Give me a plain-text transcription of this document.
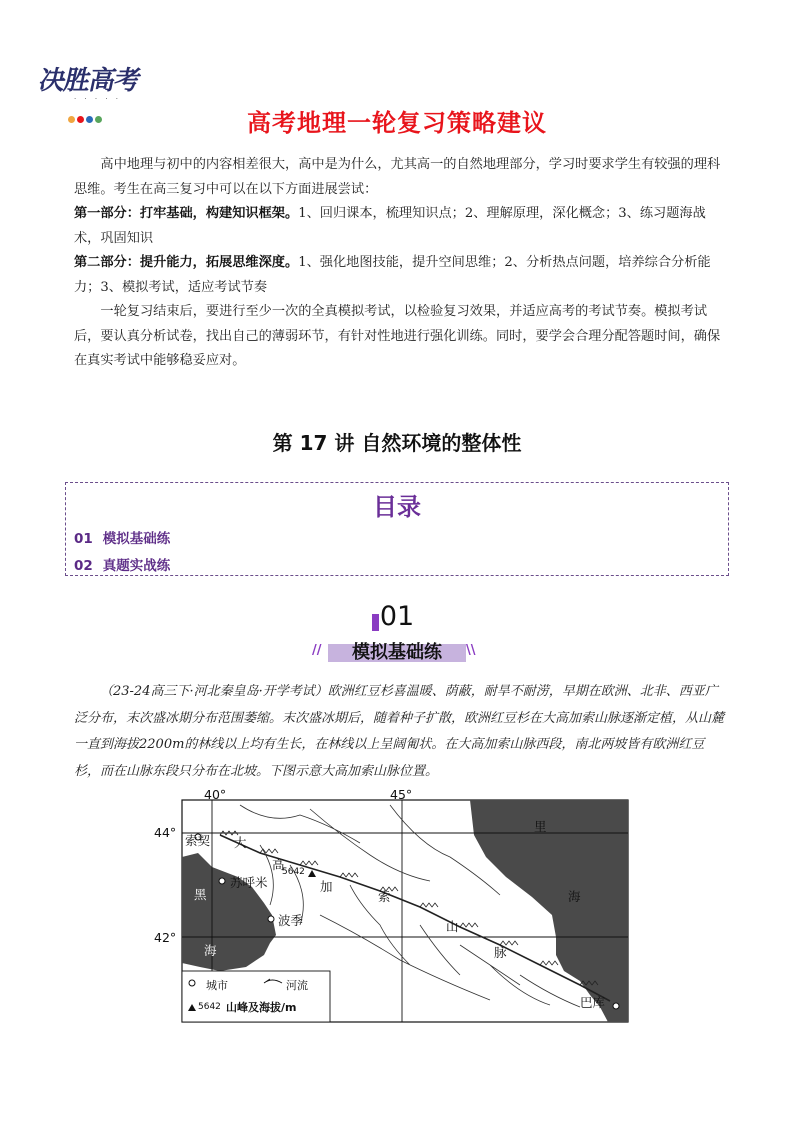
决胜高考
· · · · ·
高考地理一轮复习策略建议
高中地理与初中的内容相差很大，高中是为什么，尤其高一的自然地理部分，学习时要求学生有较强的理科思维。考生在高三复习中可以在以下方面进展尝试：
第一部分：打牢基础，构建知识框架。1、回归课本，梳理知识点；2、理解原理，深化概念；3、练习题海战术，巩固知识
第二部分：提升能力，拓展思维深度。1、强化地图技能，提升空间思维；2、分析热点问题，培养综合分析能力；3、模拟考试，适应考试节奏
一轮复习结束后，要进行至少一次的全真模拟考试，以检验复习效果，并适应高考的考试节奏。模拟考试后，要认真分析试卷，找出自己的薄弱环节，有针对性地进行强化训练。同时，要学会合理分配答题时间，确保在真实考试中能够稳妥应对。
第 17 讲 自然环境的整体性
目录
01 模拟基础练
02 真题实战练
01
//	模拟基础练	\\
（23-24高三下·河北秦皇岛·开学考试）欧洲红豆杉喜温暖、荫蔽，耐旱不耐涝，早期在欧洲、北非、西亚广泛分布，末次盛冰期分布范围萎缩。末次盛冰期后，随着种子扩散，欧洲红豆杉在大高加索山脉逐渐定植，从山麓一直到海拔2200m的林线以上均有生长，在林线以上呈阔匍状。在大高加索山脉西段，南北两坡皆有欧洲红豆杉，而在山脉东段只分布在北坡。下图示意大高加索山脉位置。
40°	45°
44°
42°
索契
苏呼米
波季
巴库
大
高
加
索
山
脉
黑
海
里
海
5642
城市	河流
5642 山峰及海拔/m
